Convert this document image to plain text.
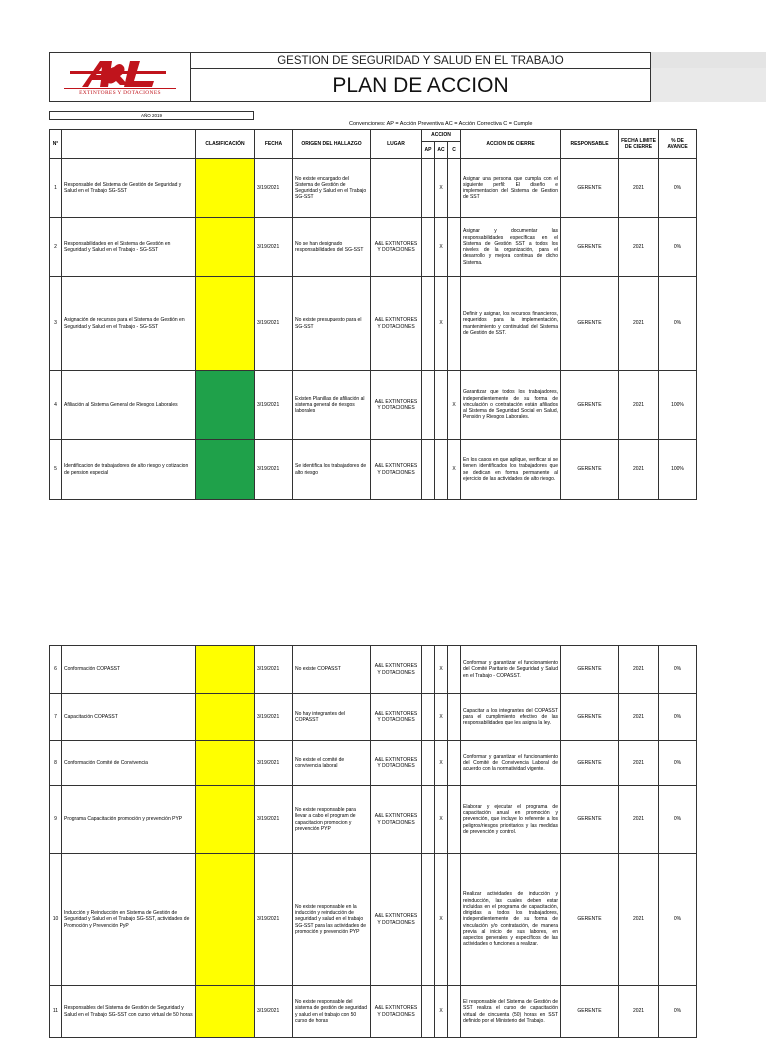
EXTINTORES Y DOTACIONES
GESTION DE SEGURIDAD Y SALUD EN EL TRABAJO
PLAN DE ACCION
AÑO 2019
Convenciones: AP = Acción Preventiva AC = Acción Correctiva C = Cumple
N°		CLASIFICACIÓN	FECHA	ORIGEN DEL HALLAZGO	LUGAR	ACCION			ACCION DE CIERRE	RESPONSABLE	FECHA LIMITE DE CIERRE	% DE AVANCE
						AP	AC	C				
1	Responsable del Sistema de Gestión de Seguridad y Salud en el Trabajo SG-SST		3/19/2021	No existe encargado del Sistema de Gestión de Seguridad y Salud en el Trabajo SG-SST			X		Asignar una persona que cumpla con el siguiente perfil: El diseño e implementacion del Sistema de Gestion de SST	GERENTE	2021	0%
2	Responsabilidades en el Sistema de Gestión en Seguridad y Salud en el Trabajo - SG-SST		3/19/2021	No se han designado responsabilidades del SG-SST	A&L EXTINTORES Y DOTACIONES		X		Asignar y documentar las responsabilidades específicas en el Sistema de Gestión SST a todos los niveles de la organización, para el desarrollo y mejora continua de dicho Sistema.	GERENTE	2021	0%
3	Asignación de recursos para el Sistema de Gestión en Seguridad y Salud en el Trabajo - SG-SST		3/19/2021	No existe presupuesto para el SG-SST	A&L EXTINTORES Y DOTACIONES		X		Definir y asignar, los recursos financieros, requeridos para la implementación, mantenimiento y continuidad del Sistema de Gestión de SST.	GERENTE	2021	0%
4	Afiliación al Sistema General de Riesgos Laborales		3/19/2021	Existen Planillas de afiliación al sistema general de riesgos laborales	A&L EXTINTORES Y DOTACIONES			X	Garantizar que todos los trabajadores, independientemente de su forma de vinculación o contratación están afiliados al Sistema de Seguridad Social en Salud, Pensión y Riesgos Laborales.	GERENTE	2021	100%
5	Identificacion de trabajadores de alto riesgo y cotizacion de pension especial		3/19/2021	Se identifica los trabajadores de alto riesgo	A&L EXTINTORES Y DOTACIONES			X	En los casos en que aplique, verificar si se tienen identificados los trabajadores que se dedican en forma permanente al ejercicio de las actividades de alto riesgo.	GERENTE	2021	100%
6	Conformación COPASST		3/19/2021	No existe COPASST	A&L EXTINTORES Y DOTACIONES		X		Conformar y garantizar el funcionamiento del Comité Paritario de Seguridad y Salud en el Trabajo - COPASST.	GERENTE	2021	0%
7	Capacitación COPASST		3/19/2021	No hay integrantes del COPASST	A&L EXTINTORES Y DOTACIONES		X		Capacitar a los integrantes del COPASST para el cumplimiento efectivo de las responsabilidades que les asigna la ley.	GERENTE	2021	0%
8	Conformación Comité de Convivencia		3/19/2021	No existe el comité de convivencia laboral	A&L EXTINTORES Y DOTACIONES		X		Conformar y garantizar el funcionamiento del Comité de Convivencia Laboral de acuerdo con la normatividad vigente.	GERENTE	2021	0%
9	Programa Capacitación promoción y prevención PYP		3/19/2021	No existe responsable para llevar a cabo el program de capacitacion promocion y prevención PYP	A&L EXTINTORES Y DOTACIONES		X		Elaborar y ejecutar el programa de capacitación anual en promoción y prevención, que incluye lo referente a los peligros/riesgos prioritarios y las medidas de prevención y control.	GERENTE	2021	0%
10	Inducción y Reinducción en Sistema de Gestión de Seguridad y Salud en el Trabajo SG-SST, actividades de Promoción y Prevención PyP		3/19/2021	No existe responsable en la inducción y reinducción de seguridad y salud en el trabajo SG-SST para las actividades de promoción y prevención PYP	A&L EXTINTORES Y DOTACIONES		X		Realizar actividades de inducción y reinducción, las cuales deben estar incluidas en el programa de capacitación, dirigidas a todos los trabajadores, independientemente de su forma de vinculación y/o contratación, de manera previa al inicio de sus labores, en aspectos generales y específicos de las actividades o funciones a realizar.	GERENTE	2021	0%
11	Responsables del Sistema de Gestión de Seguridad y Salud en el Trabajo SG-SST con curso virtual de 50 horas		3/19/2021	No existe responsable del sistema de gestión de seguridad y salud en el trabajo con 50 curso de horas	A&L EXTINTORES Y DOTACIONES		X		El responsable del Sistema de Gestión de SST realiza el curso de capacitación virtual de cincuenta (50) horas en SST definido por el Ministerio del Trabajo.	GERENTE	2021	0%
